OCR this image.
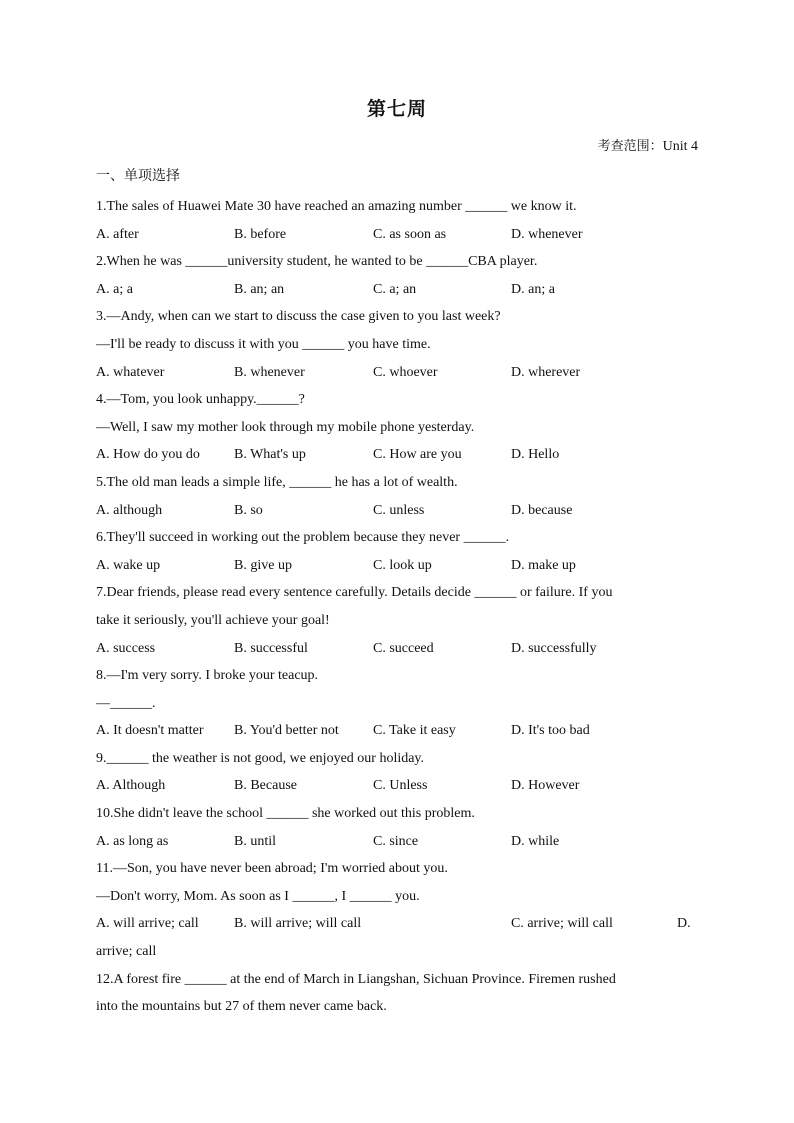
第七周
考查范围：Unit 4
一、单项选择
1.The sales of Huawei Mate 30 have reached an amazing number ______ we know it.
A. after	B. before	C. as soon as	D. whenever
2.When he was ______university student, he wanted to be ______CBA player.
A. a; a	B. an; an	C. a; an	D. an; a
3.—Andy, when can we start to discuss the case given to you last week?
—I'll be ready to discuss it with you ______ you have time.
A. whatever	B. whenever	C. whoever	D. wherever
4.—Tom, you look unhappy.______?
—Well, I saw my mother look through my mobile phone yesterday.
A. How do you do	B. What's up	C. How are you	D. Hello
5.The old man leads a simple life, ______ he has a lot of wealth.
A. although	B. so	C. unless	D. because
6.They'll succeed in working out the problem because they never ______.
A. wake up	B. give up	C. look up	D. make up
7.Dear friends, please read every sentence carefully. Details decide ______ or failure. If you
take it seriously, you'll achieve your goal!
A. success	B. successful	C. succeed	D. successfully
8.—I'm very sorry. I broke your teacup.
—______.
A. It doesn't matter	B. You'd better not	C. Take it easy	D. It's too bad
9.______ the weather is not good, we enjoyed our holiday.
A. Although	B. Because	C. Unless	D. However
10.She didn't leave the school ______ she worked out this problem.
A. as long as	B. until	C. since	D. while
11.—Son, you have never been abroad; I'm worried about you.
—Don't worry, Mom. As soon as I ______, I ______ you.
A. will arrive; call	B. will arrive; will call	C. arrive; will call	D.
arrive; call
12.A forest fire ______ at the end of March in Liangshan, Sichuan Province. Firemen rushed
into the mountains but 27 of them never came back.
